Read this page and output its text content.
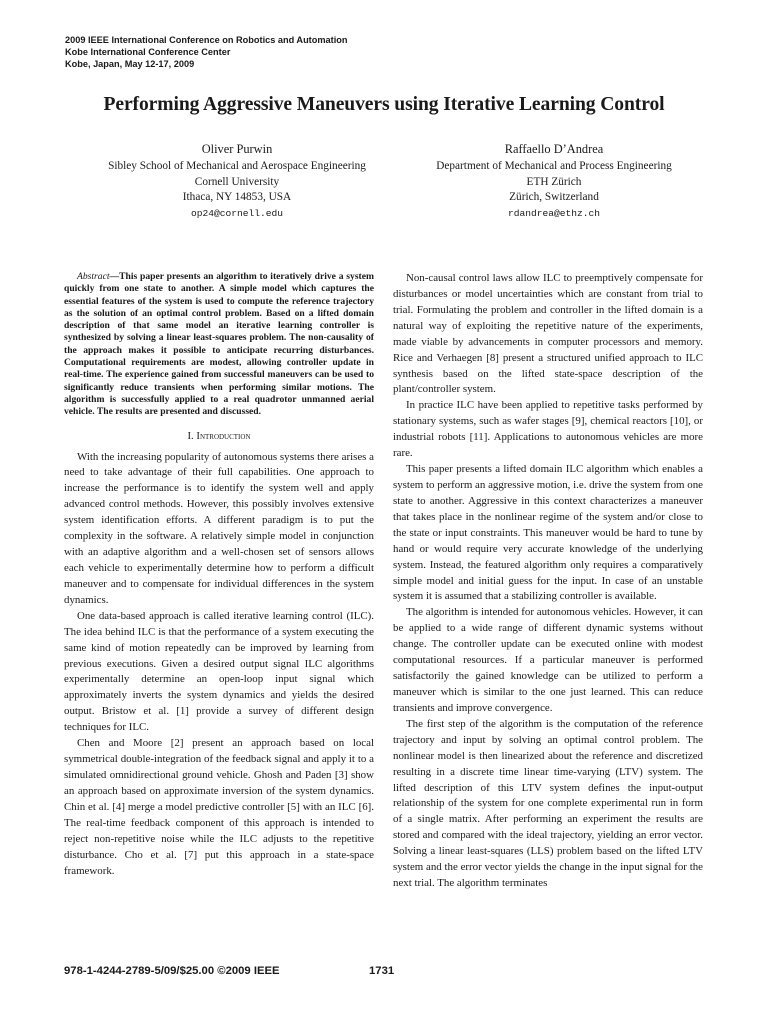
2009 IEEE International Conference on Robotics and Automation
Kobe International Conference Center
Kobe, Japan, May 12-17, 2009
Performing Aggressive Maneuvers using Iterative Learning Control
Oliver Purwin
Sibley School of Mechanical and Aerospace Engineering
Cornell University
Ithaca, NY 14853, USA
op24@cornell.edu
Raffaello D’Andrea
Department of Mechanical and Process Engineering
ETH Zürich
Zürich, Switzerland
rdandrea@ethz.ch
Abstract—This paper presents an algorithm to iteratively drive a system quickly from one state to another. A simple model which captures the essential features of the system is used to compute the reference trajectory as the solution of an optimal control problem. Based on a lifted domain description of that same model an iterative learning controller is synthesized by solving a linear least-squares problem. The non-causality of the approach makes it possible to anticipate recurring disturbances. Computational requirements are modest, allowing controller update in real-time. The experience gained from successful maneuvers can be used to significantly reduce transients when performing similar motions. The algorithm is successfully applied to a real quadrotor unmanned aerial vehicle. The results are presented and discussed.
I. Introduction

With the increasing popularity of autonomous systems there arises a need to take advantage of their full capabilities. One approach to increase the performance is to identify the system well and apply advanced control methods. However, this possibly involves extensive system identification efforts. A different paradigm is to put the complexity in the software. A relatively simple model in conjunction with an adaptive algorithm and a well-chosen set of sensors allows each vehicle to experimentally determine how to perform a difficult maneuver and to compensate for individual differences in the system dynamics.

One data-based approach is called iterative learning control (ILC). The idea behind ILC is that the performance of a system executing the same kind of motion repeatedly can be improved by learning from previous executions. Given a desired output signal ILC algorithms experimentally determine an open-loop input signal which approximately inverts the system dynamics and yields the desired output. Bristow et al. [1] provide a survey of different design techniques for ILC.

Chen and Moore [2] present an approach based on local symmetrical double-integration of the feedback signal and apply it to a simulated omnidirectional ground vehicle. Ghosh and Paden [3] show an approach based on approximate inversion of the system dynamics. Chin et al. [4] merge a model predictive controller [5] with an ILC [6]. The real-time feedback component of this approach is intended to reject non-repetitive noise while the ILC adjusts to the repetitive disturbance. Cho et al. [7] put this approach in a state-space framework.

Non-causal control laws allow ILC to preemptively compensate for disturbances or model uncertainties which are constant from trial to trial. Formulating the problem and controller in the lifted domain is a natural way of exploiting the repetitive nature of the experiments, made viable by advancements in computer processors and memory. Rice and Verhaegen [8] present a structured unified approach to ILC synthesis based on the lifted state-space description of the plant/controller system.

In practice ILC have been applied to repetitive tasks performed by stationary systems, such as wafer stages [9], chemical reactors [10], or industrial robots [11]. Applications to autonomous vehicles are more rare.

This paper presents a lifted domain ILC algorithm which enables a system to perform an aggressive motion, i.e. drive the system from one state to another. Aggressive in this context characterizes a maneuver that takes place in the nonlinear regime of the system and/or close to the state or input constraints. This maneuver would be hard to tune by hand or would require very accurate knowledge of the underlying system. Instead, the featured algorithm only requires a comparatively simple model and initial guess for the input. In case of an unstable system it is assumed that a stabilizing controller is available.

The algorithm is intended for autonomous vehicles. However, it can be applied to a wide range of different dynamic systems without change. The controller update can be executed online with modest computational resources. If a particular maneuver is performed satisfactorily the gained knowledge can be utilized to perform a maneuver which is similar to the one just learned. This can reduce transients and improve convergence.

The first step of the algorithm is the computation of the reference trajectory and input by solving an optimal control problem. The nonlinear model is then linearized about the reference and discretized resulting in a discrete time linear time-varying (LTV) system. The lifted description of this LTV system defines the input-output relationship of the system for one complete experimental run in form of a single matrix. After performing an experiment the results are stored and compared with the ideal trajectory, yielding an error vector. Solving a linear least-squares (LLS) problem based on the lifted LTV system and the error vector yields the change in the input signal for the next trial. The algorithm terminates

978-1-4244-2789-5/09/$25.00 ©2009 IEEE	1731
